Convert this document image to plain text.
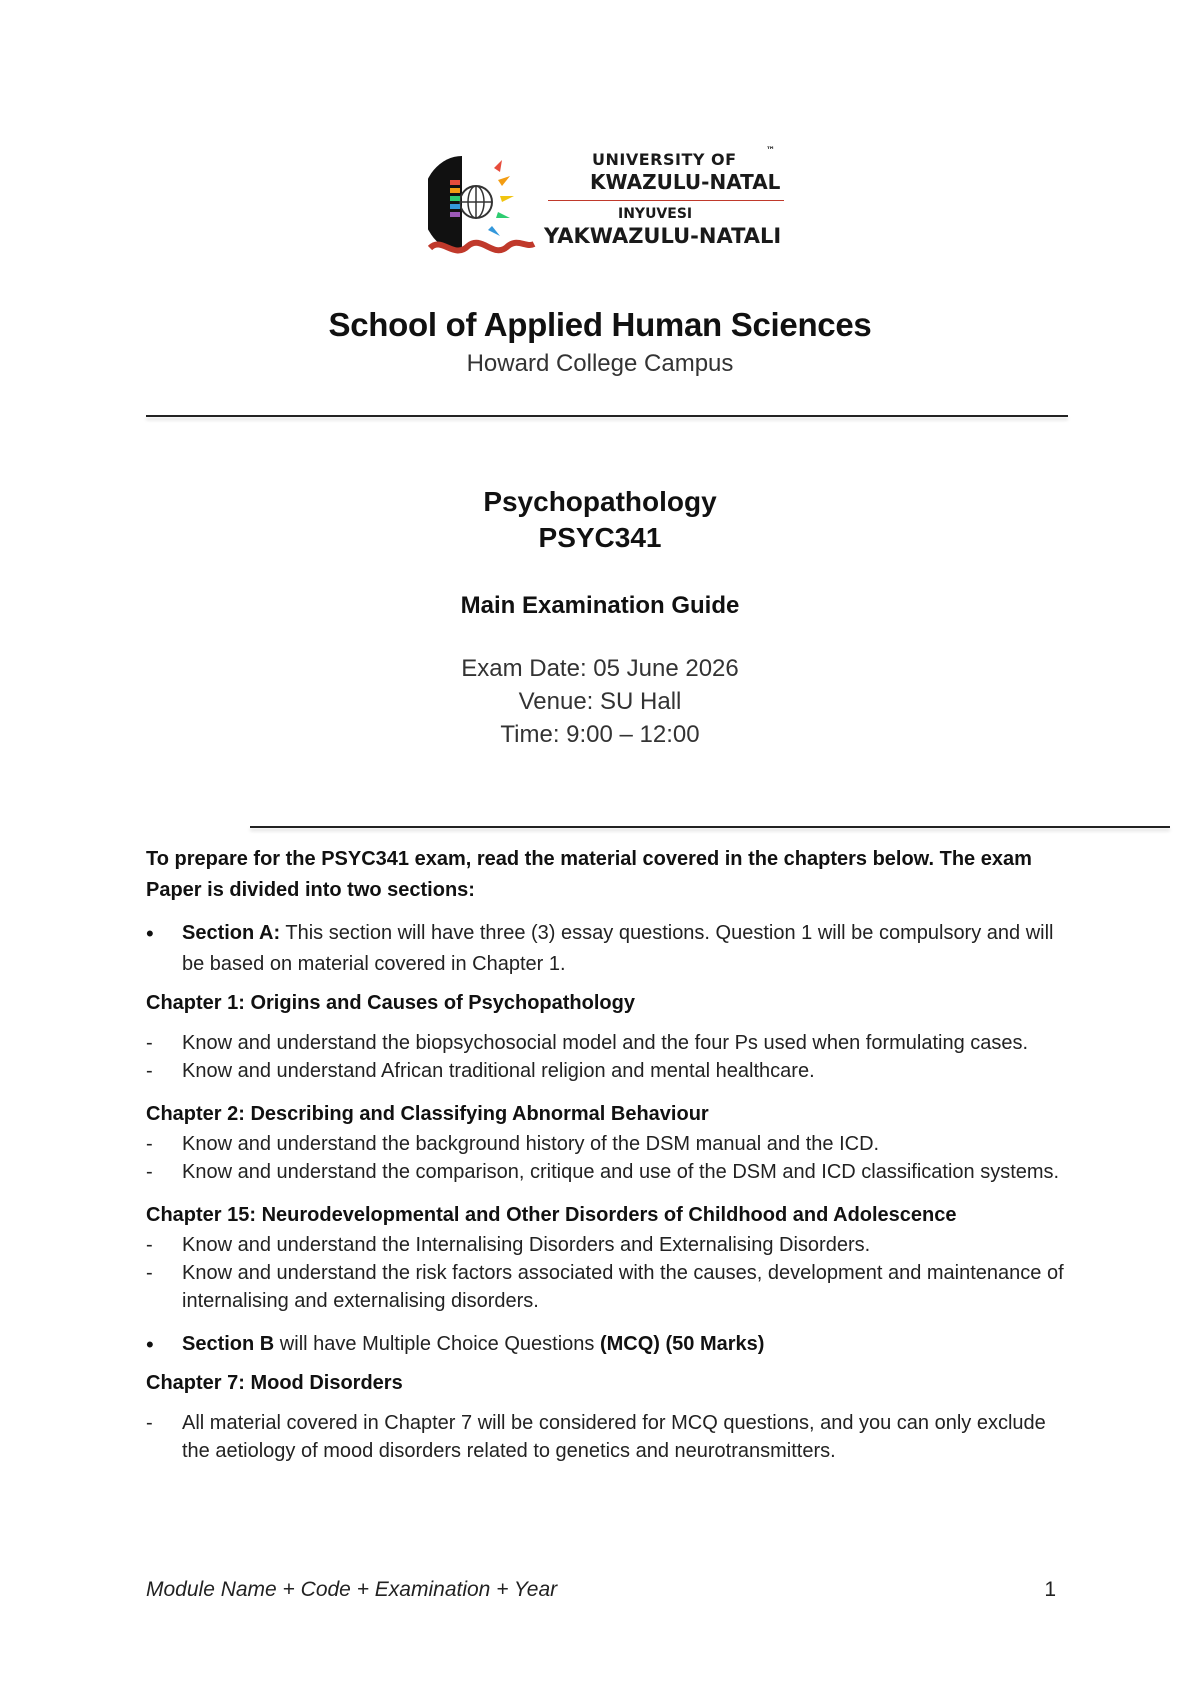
UNIVERSITY OF
KWAZULU-NATAL
INYUVESI
YAKWAZULU-NATALI
™
School of Applied Human Sciences
Howard College Campus
Psychopathology
PSYC341
Main Examination Guide
Exam Date: 05 June 2026
Venue: SU Hall
Time: 9:00 – 12:00

To prepare for the PSYC341 exam, read the material covered in the chapters below. The exam Paper is divided into two sections:

• Section A: This section will have three (3) essay questions. Question 1 will be compulsory and will be based on material covered in Chapter 1.

Chapter 1: Origins and Causes of Psychopathology

- Know and understand the biopsychosocial model and the four Ps used when formulating cases.
- Know and understand African traditional religion and mental healthcare.

Chapter 2: Describing and Classifying Abnormal Behaviour

- Know and understand the background history of the DSM manual and the ICD.
- Know and understand the comparison, critique and use of the DSM and ICD classification systems.

Chapter 15: Neurodevelopmental and Other Disorders of Childhood and Adolescence

- Know and understand the Internalising Disorders and Externalising Disorders.
- Know and understand the risk factors associated with the causes, development and maintenance of internalising and externalising disorders.

• Section B will have Multiple Choice Questions (MCQ) (50 Marks)

Chapter 7: Mood Disorders

- All material covered in Chapter 7 will be considered for MCQ questions, and you can only exclude the aetiology of mood disorders related to genetics and neurotransmitters.
Module Name + Code + Examination + Year	1
